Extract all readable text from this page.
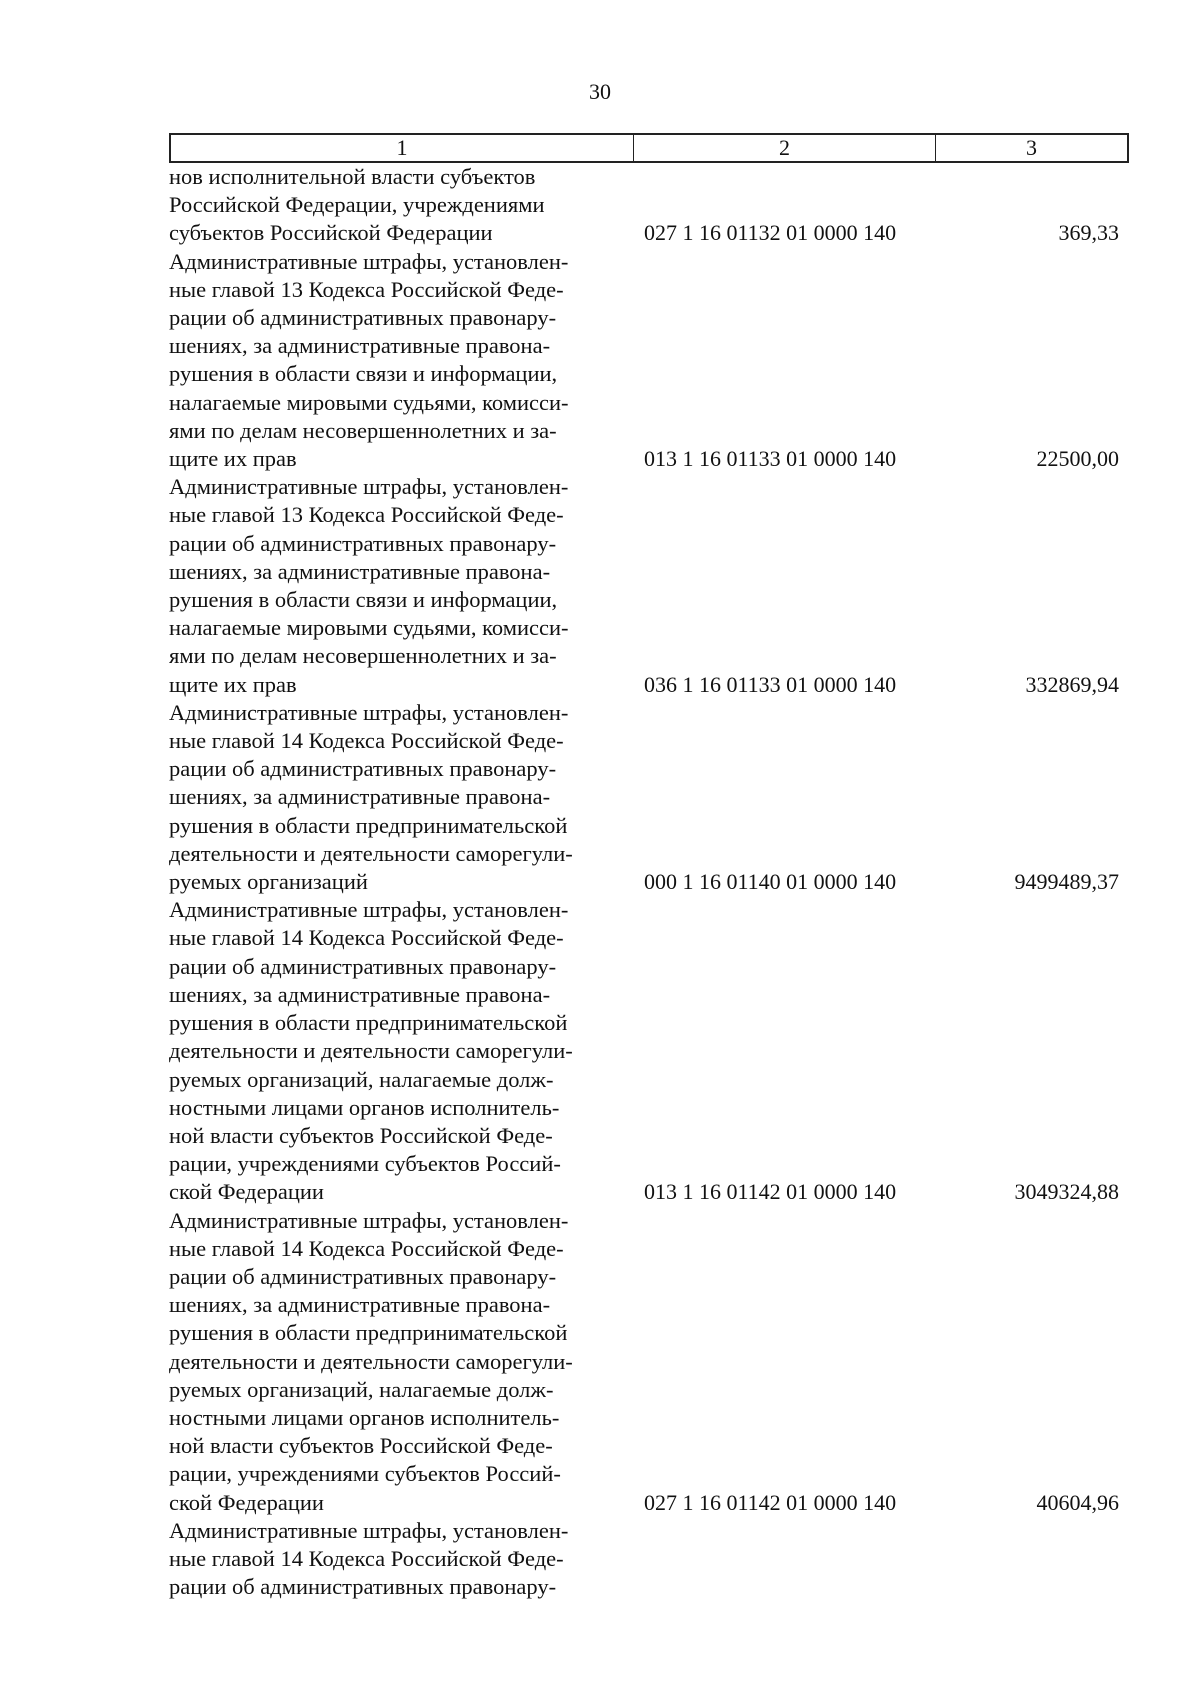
30
1	2	3
нов исполнительной власти субъектов
Российской Федерации, учреждениями
субъектов Российской Федерации	027 1 16 01132 01 0000 140	369,33
Административные штрафы, установлен-
ные главой 13 Кодекса Российской Феде-
рации об административных правонару-
шениях, за административные правона-
рушения в области связи и информации,
налагаемые мировыми судьями, комисси-
ями по делам несовершеннолетних и за-
щите их прав	013 1 16 01133 01 0000 140	22500,00
Административные штрафы, установлен-
ные главой 13 Кодекса Российской Феде-
рации об административных правонару-
шениях, за административные правона-
рушения в области связи и информации,
налагаемые мировыми судьями, комисси-
ями по делам несовершеннолетних и за-
щите их прав	036 1 16 01133 01 0000 140	332869,94
Административные штрафы, установлен-
ные главой 14 Кодекса Российской Феде-
рации об административных правонару-
шениях, за административные правона-
рушения в области предпринимательской
деятельности и деятельности саморегули-
руемых организаций	000 1 16 01140 01 0000 140	9499489,37
Административные штрафы, установлен-
ные главой 14 Кодекса Российской Феде-
рации об административных правонару-
шениях, за административные правона-
рушения в области предпринимательской
деятельности и деятельности саморегули-
руемых организаций, налагаемые долж-
ностными лицами органов исполнитель-
ной власти субъектов Российской Феде-
рации, учреждениями субъектов Россий-
ской Федерации	013 1 16 01142 01 0000 140	3049324,88
Административные штрафы, установлен-
ные главой 14 Кодекса Российской Феде-
рации об административных правонару-
шениях, за административные правона-
рушения в области предпринимательской
деятельности и деятельности саморегули-
руемых организаций, налагаемые долж-
ностными лицами органов исполнитель-
ной власти субъектов Российской Феде-
рации, учреждениями субъектов Россий-
ской Федерации	027 1 16 01142 01 0000 140	40604,96
Административные штрафы, установлен-
ные главой 14 Кодекса Российской Феде-
рации об административных правонару-
